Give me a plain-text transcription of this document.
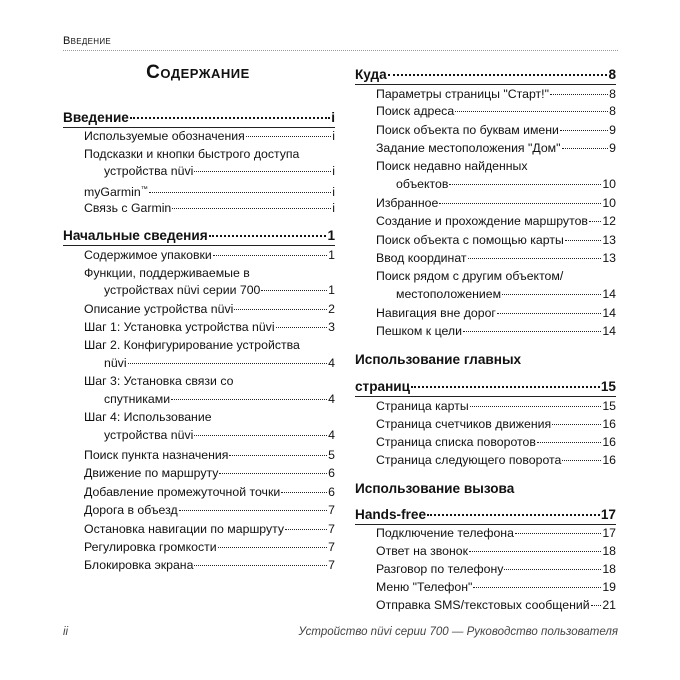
Введение
Содержание
Введение	i
Используемые обозначения	i
Подсказки и кнопки быстрого доступа
устройства nüvi	i
myGarmin™	i
Связь с Garmin	i
Начальные сведения	1
Содержимое упаковки	1
Функции, поддерживаемые в
устройствах nüvi серии 700	1
Описание устройства nüvi	2
Шаг 1: Установка устройства nüvi	3
Шаг 2. Конфигурирование устройства
nüvi	4
Шаг 3: Установка связи со
спутниками	4
Шаг 4: Использование
устройства nüvi	4
Поиск пункта назначения	5
Движение по маршруту	6
Добавление промежуточной точки	6
Дорога в объезд	7
Остановка навигации по маршруту	7
Регулировка громкости	7
Блокировка экрана	7
Куда	8
Параметры страницы "Старт!"	8
Поиск адреса	8
Поиск объекта по буквам имени	9
Задание местоположения "Дом"	9
Поиск недавно найденных
объектов	10
Избранное	10
Создание и прохождение маршрутов 12
Поиск объекта с помощью карты	13
Ввод координат	13
Поиск рядом с другим объектом/
местоположением	14
Навигация вне дорог	14
Пешком к цели	14
Использование главных
страниц	15
Страница карты	15
Страница счетчиков движения	16
Страница списка поворотов	16
Страница следующего поворота	16
Использование вызова
Hands-free	17
Подключение телефона	17
Ответ на звонок	18
Разговор по телефону	18
Меню "Телефон"	19
Отправка SMS/текстовых сообщений 21
ii	Устройство nüvi серии 700 — Руководство пользователя
